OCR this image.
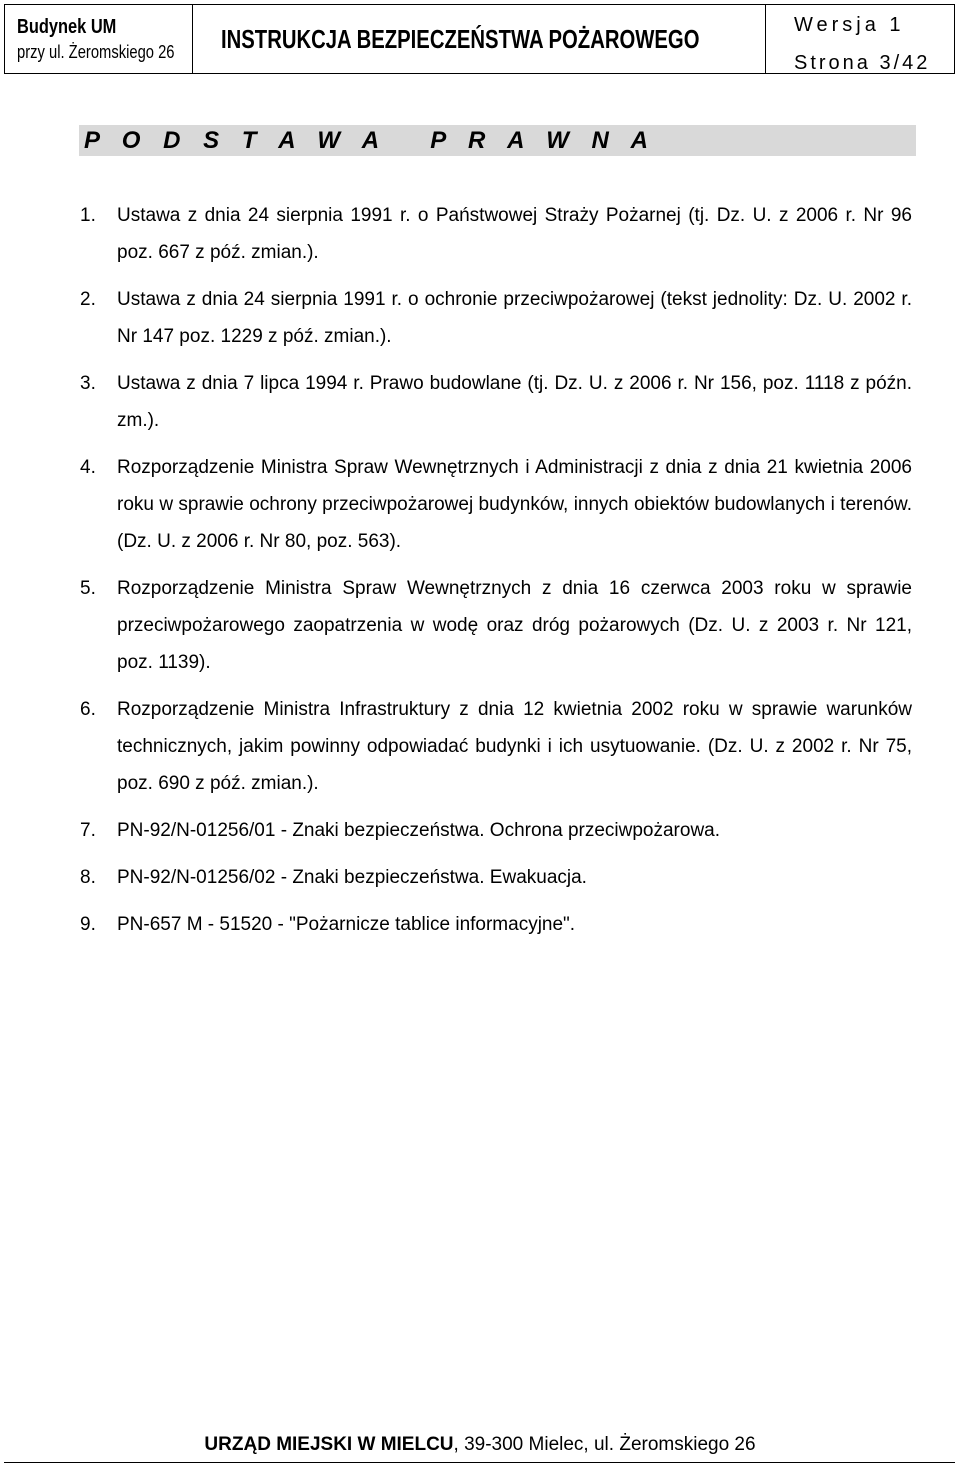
Budynek UM
przy ul. Żeromskiego 26 INSTRUKCJA BEZPIECZEŃSTWA POŻAROWEGO	Wersja 1
Strona 3/42
P O D S T A W A   P R A W N A
1.	Ustawa z dnia 24 sierpnia 1991 r. o Państwowej Straży Pożarnej (tj. Dz. U. z 2006 r. Nr 96 poz. 667 z póź. zmian.).
2.	Ustawa z dnia 24 sierpnia 1991 r. o ochronie przeciwpożarowej (tekst jednolity: Dz. U. 2002 r. Nr 147 poz. 1229 z póź. zmian.).
3.	Ustawa z dnia 7 lipca 1994 r. Prawo budowlane (tj. Dz. U. z 2006 r. Nr 156, poz. 1118 z późn. zm.).
4.	Rozporządzenie Ministra Spraw Wewnętrznych i Administracji z dnia z dnia 21 kwietnia 2006 roku w sprawie ochrony przeciwpożarowej budynków, innych obiektów budowlanych i terenów. (Dz. U. z 2006 r. Nr 80, poz. 563).
5.	Rozporządzenie Ministra Spraw Wewnętrznych z dnia 16 czerwca 2003 roku w sprawie przeciwpożarowego zaopatrzenia w wodę oraz dróg pożarowych (Dz. U. z 2003 r. Nr 121, poz. 1139).
6.	Rozporządzenie Ministra Infrastruktury z dnia 12 kwietnia 2002 roku w sprawie warunków technicznych, jakim powinny odpowiadać budynki i ich usytuowanie. (Dz. U. z 2002 r. Nr 75, poz. 690 z póź. zmian.).
7.	PN-92/N-01256/01 - Znaki bezpieczeństwa. Ochrona przeciwpożarowa.
8.	PN-92/N-01256/02 - Znaki bezpieczeństwa. Ewakuacja.
9.	PN-657 M - 51520 - "Pożarnicze tablice informacyjne".
URZĄD MIEJSKI W MIELCU, 39-300 Mielec, ul. Żeromskiego 26
